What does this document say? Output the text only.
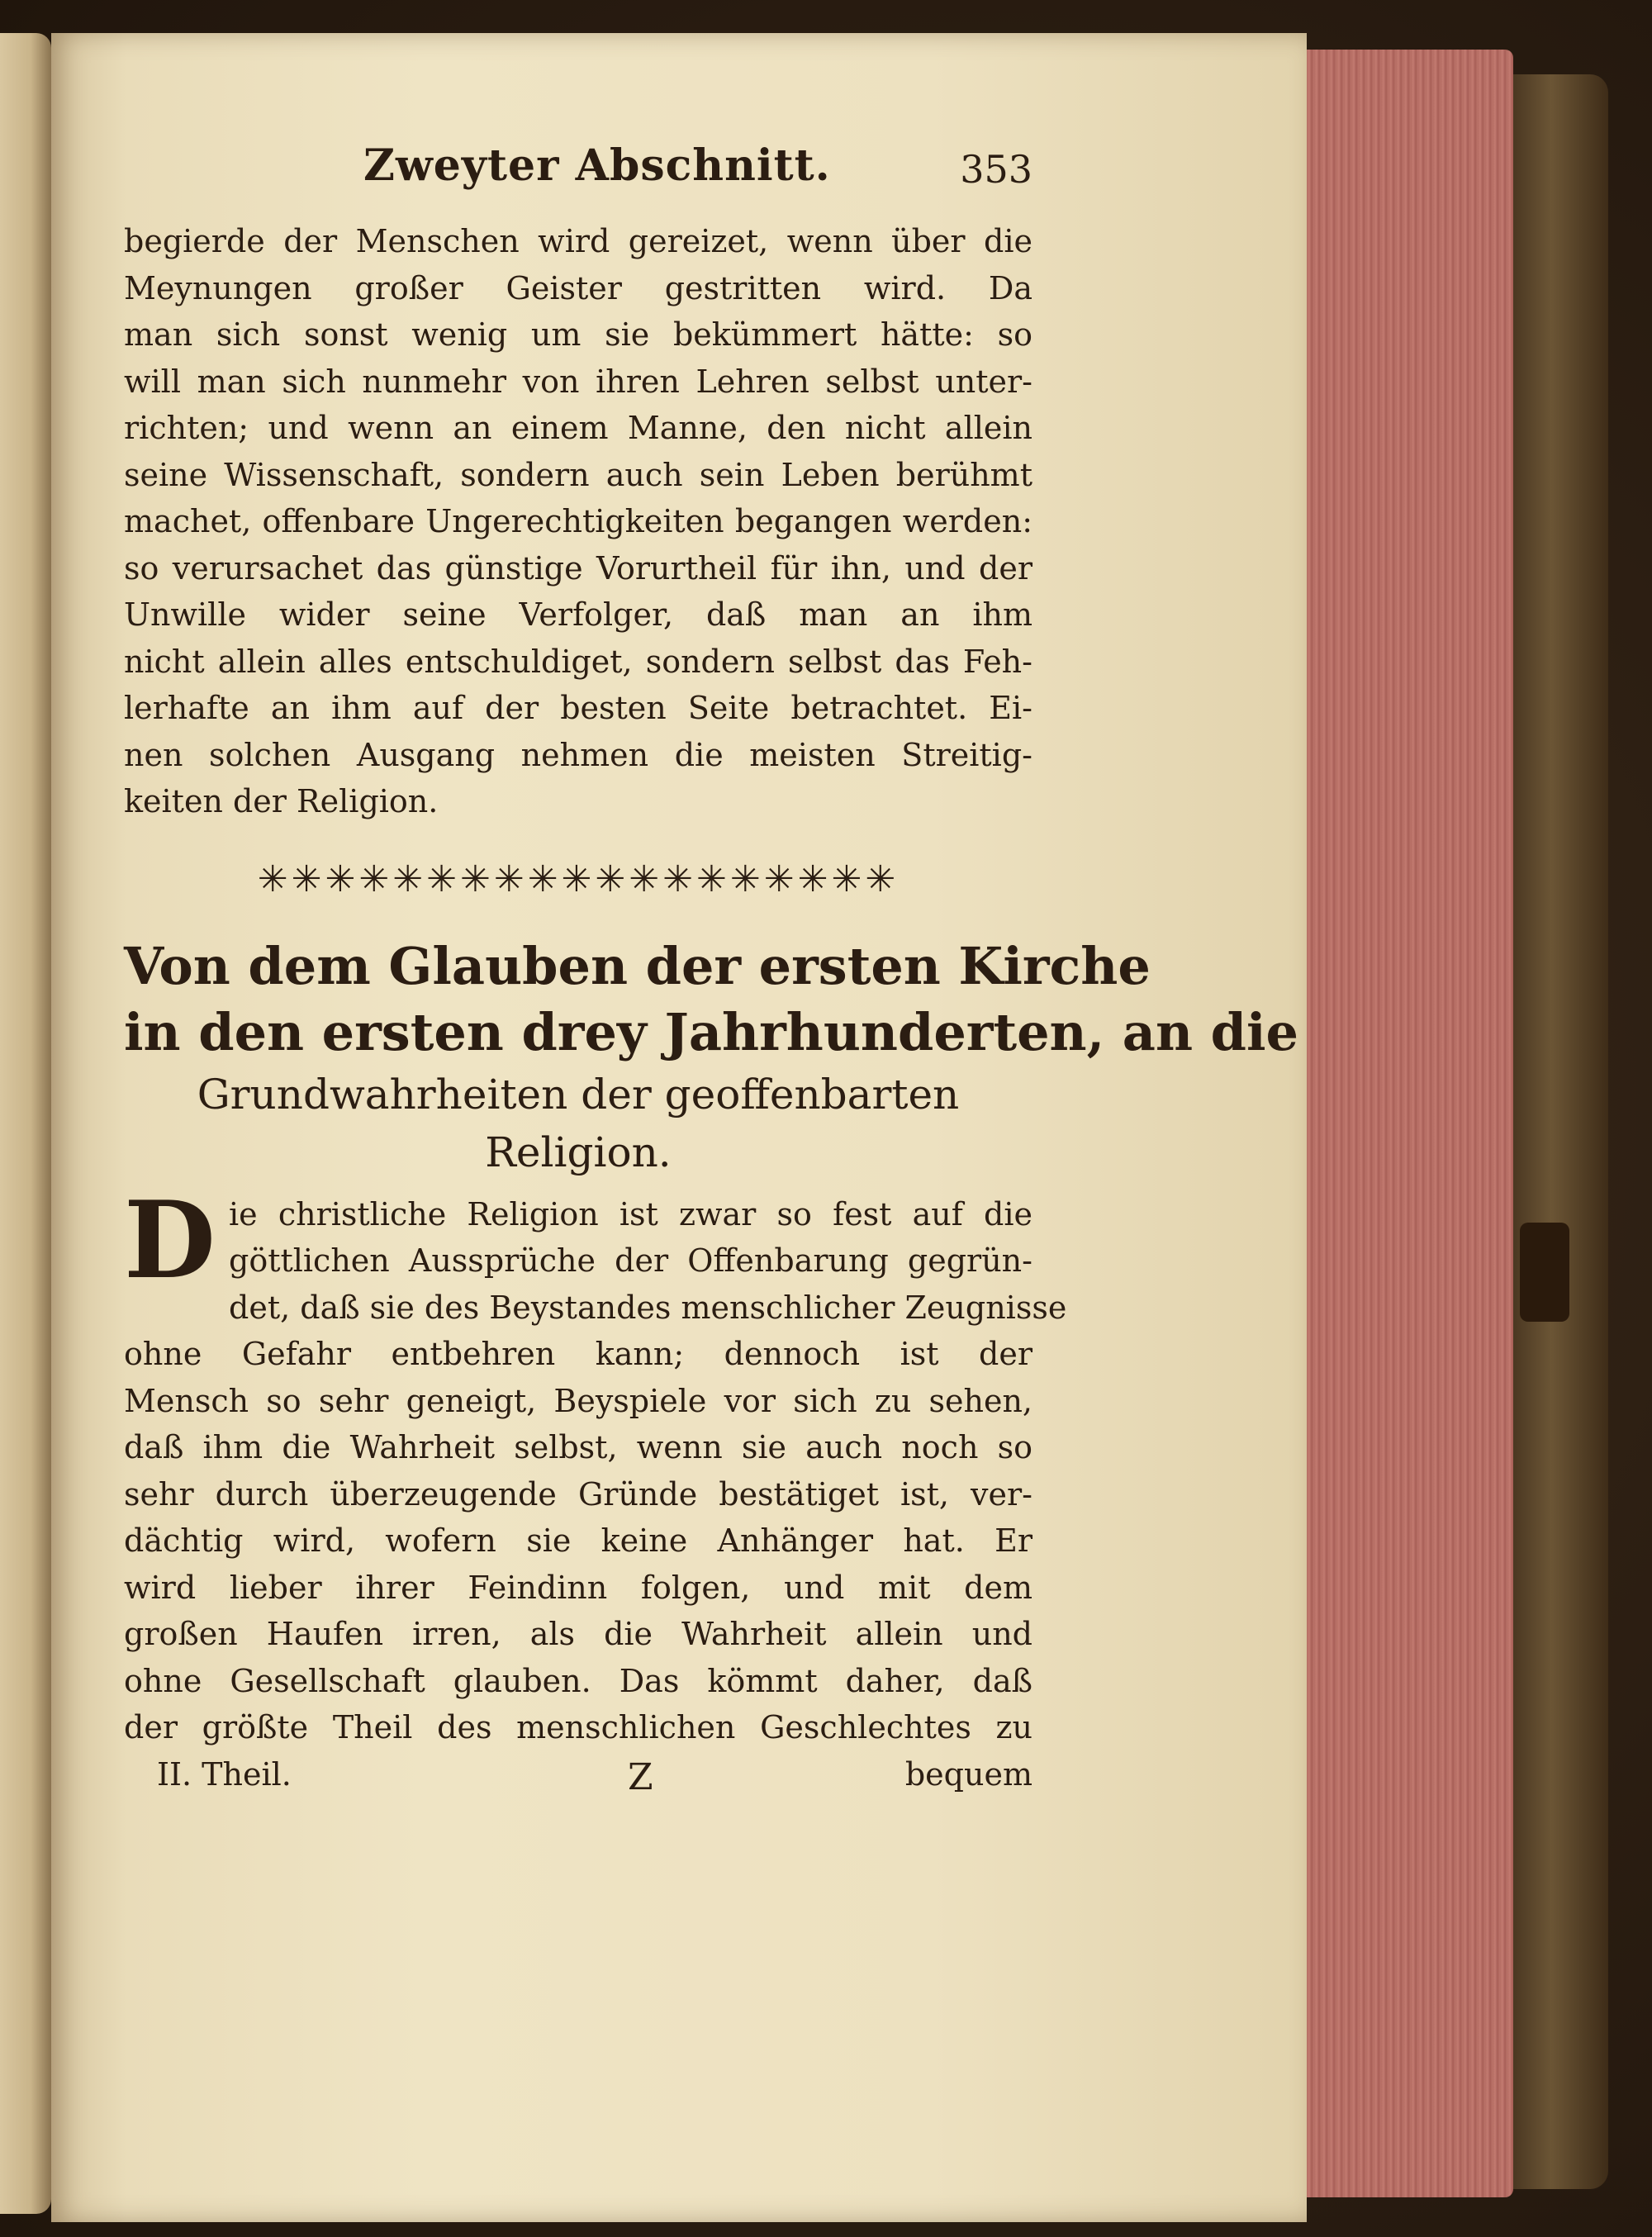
Zweyter Abschnitt.	353
begierde der Menschen wird gereizet, wenn über die
Meynungen großer Geister gestritten wird. Da
man sich sonst wenig um sie bekümmert hätte: so
will man sich nunmehr von ihren Lehren selbst unter-
richten; und wenn an einem Manne, den nicht allein
seine Wissenschaft, sondern auch sein Leben berühmt
machet, offenbare Ungerechtigkeiten begangen werden:
so verursachet das günstige Vorurtheil für ihn, und der
Unwille wider seine Verfolger, daß man an ihm
nicht allein alles entschuldiget, sondern selbst das Feh-
lerhafte an ihm auf der besten Seite betrachtet. Ei-
nen solchen Ausgang nehmen die meisten Streitig-
keiten der Religion.
✳✳✳✳✳✳✳✳✳✳✳✳✳✳✳✳✳✳✳
Von dem Glauben der ersten Kirche
in den ersten drey Jahrhunderten, an die
Grundwahrheiten der geoffenbarten
Religion.
D ie christliche Religion ist zwar so fest auf die
göttlichen Aussprüche der Offenbarung gegrün-
det, daß sie des Beystandes menschlicher Zeugnisse
ohne Gefahr entbehren kann; dennoch ist der
Mensch so sehr geneigt, Beyspiele vor sich zu sehen,
daß ihm die Wahrheit selbst, wenn sie auch noch so
sehr durch überzeugende Gründe bestätiget ist, ver-
dächtig wird, wofern sie keine Anhänger hat. Er
wird lieber ihrer Feindinn folgen, und mit dem
großen Haufen irren, als die Wahrheit allein und
ohne Gesellschaft glauben. Das kömmt daher, daß
der größte Theil des menschlichen Geschlechtes zu
II. Theil.	Z	bequem
